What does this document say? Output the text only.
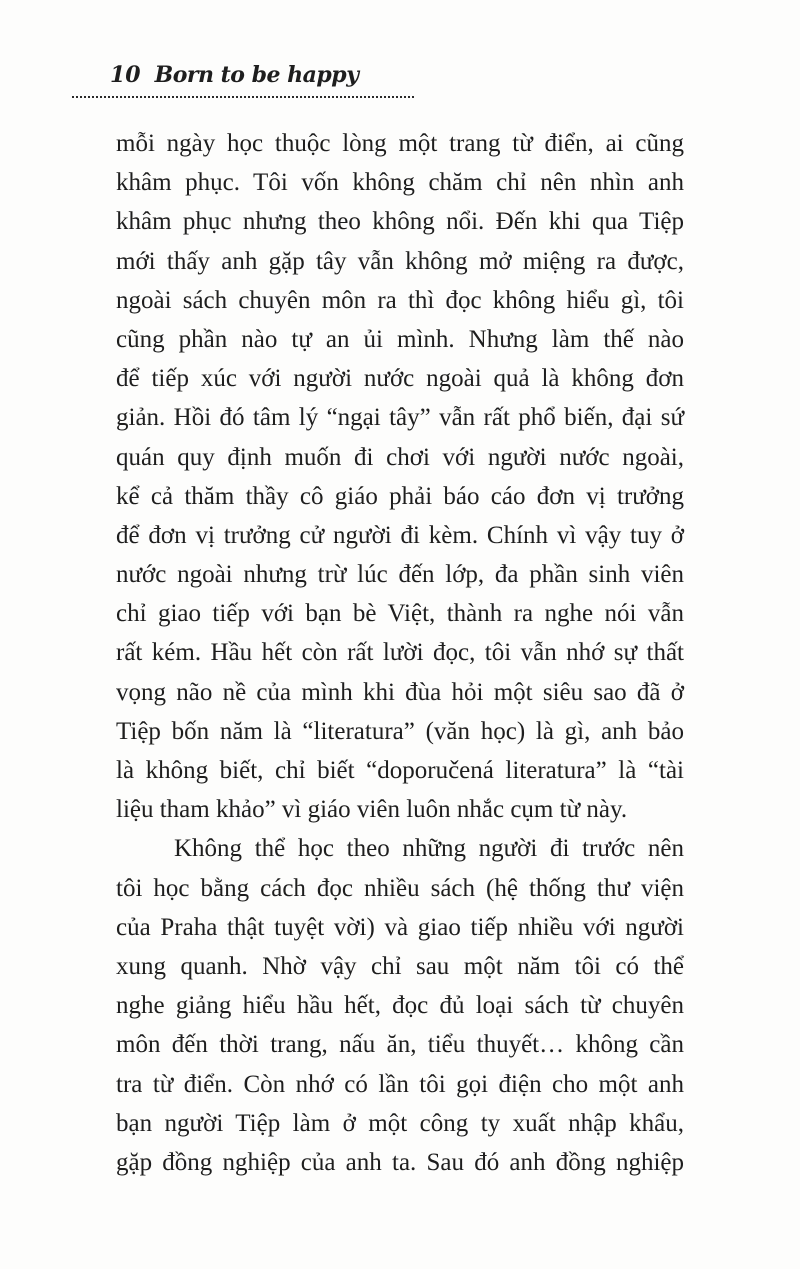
10 Born to be happy
mỗi ngày học thuộc lòng một trang từ điển, ai cũng
khâm phục. Tôi vốn không chăm chỉ nên nhìn anh
khâm phục nhưng theo không nổi. Đến khi qua Tiệp
mới thấy anh gặp tây vẫn không mở miệng ra được,
ngoài sách chuyên môn ra thì đọc không hiểu gì, tôi
cũng phần nào tự an ủi mình. Nhưng làm thế nào
để tiếp xúc với người nước ngoài quả là không đơn
giản. Hồi đó tâm lý “ngại tây” vẫn rất phổ biến, đại sứ
quán quy định muốn đi chơi với người nước ngoài,
kể cả thăm thầy cô giáo phải báo cáo đơn vị trưởng
để đơn vị trưởng cử người đi kèm. Chính vì vậy tuy ở
nước ngoài nhưng trừ lúc đến lớp, đa phần sinh viên
chỉ giao tiếp với bạn bè Việt, thành ra nghe nói vẫn
rất kém. Hầu hết còn rất lười đọc, tôi vẫn nhớ sự thất
vọng não nề của mình khi đùa hỏi một siêu sao đã ở
Tiệp bốn năm là “literatura” (văn học) là gì, anh bảo
là không biết, chỉ biết “doporučená literatura” là “tài
liệu tham khảo” vì giáo viên luôn nhắc cụm từ này.
Không thể học theo những người đi trước nên
tôi học bằng cách đọc nhiều sách (hệ thống thư viện
của Praha thật tuyệt vời) và giao tiếp nhiều với người
xung quanh. Nhờ vậy chỉ sau một năm tôi có thể
nghe giảng hiểu hầu hết, đọc đủ loại sách từ chuyên
môn đến thời trang, nấu ăn, tiểu thuyết… không cần
tra từ điển. Còn nhớ có lần tôi gọi điện cho một anh
bạn người Tiệp làm ở một công ty xuất nhập khẩu,
gặp đồng nghiệp của anh ta. Sau đó anh đồng nghiệp
